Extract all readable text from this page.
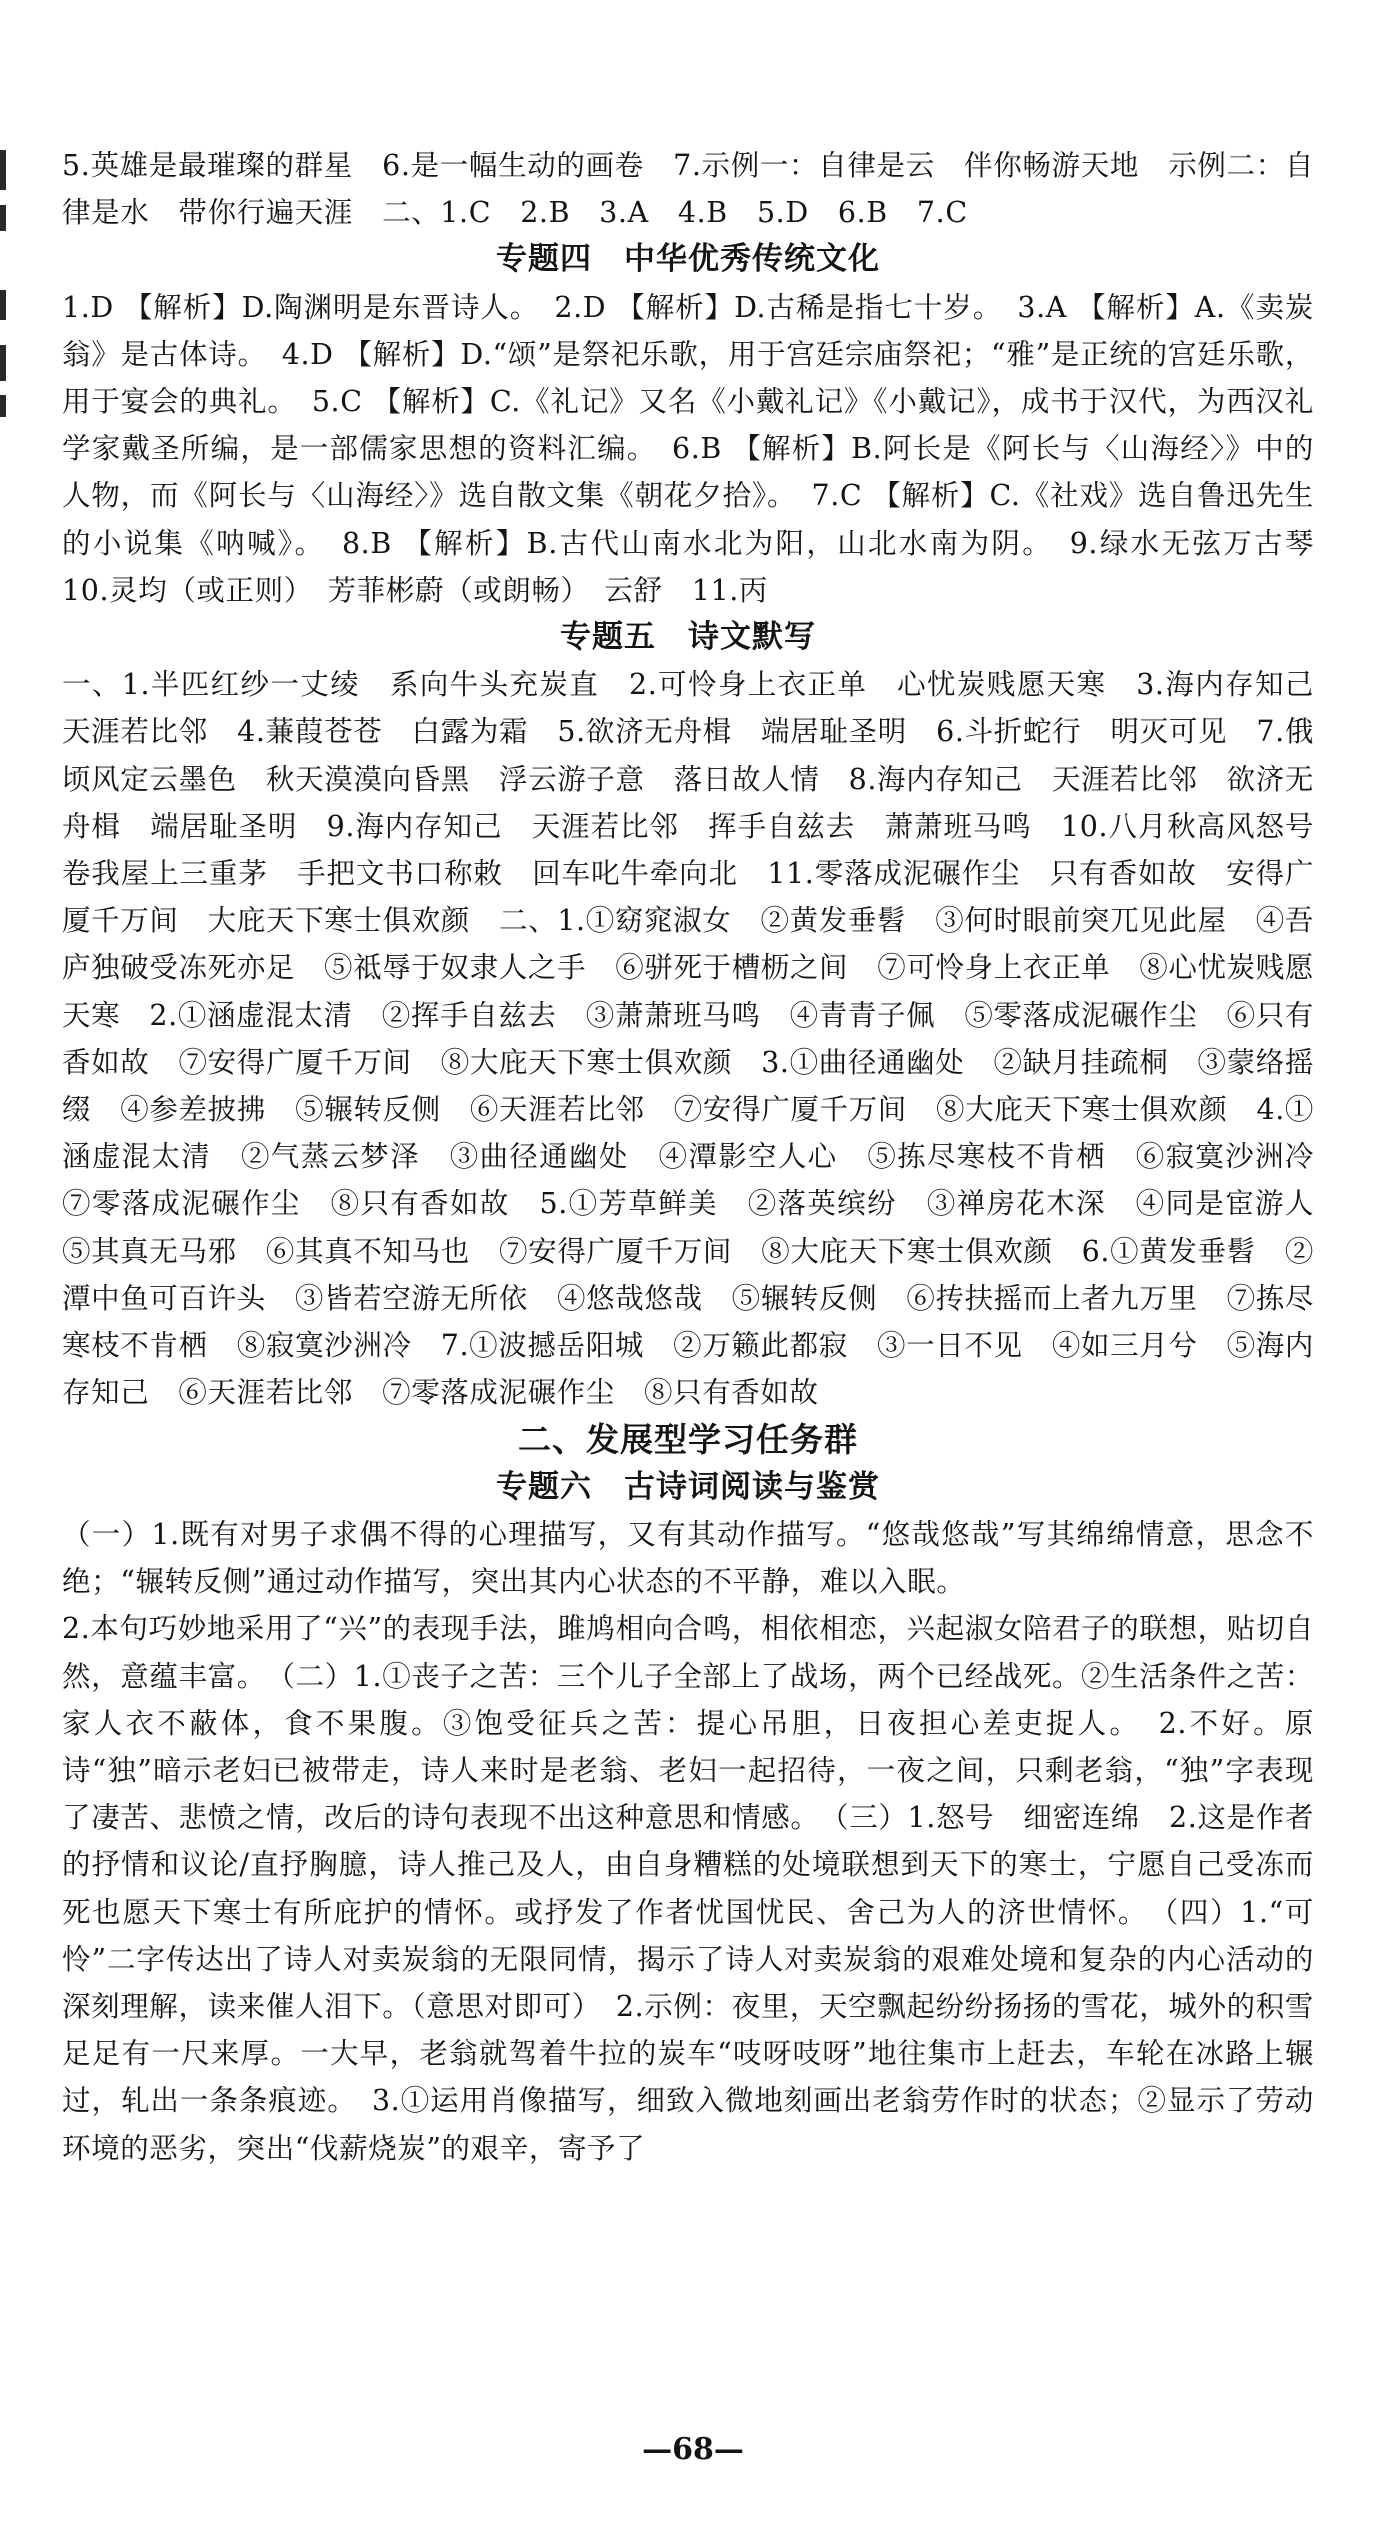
5.英雄是最璀璨的群星　6.是一幅生动的画卷　7.示例一：自律是云　伴你畅游天地　示例二：自律是水　带你行遍天涯　二、1.C　2.B　3.A　4.B　5.D　6.B　7.C

专题四　中华优秀传统文化

1.D 【解析】D.陶渊明是东晋诗人。　2.D 【解析】D.古稀是指七十岁。　3.A 【解析】A.《卖炭翁》是古体诗。　4.D 【解析】D.“颂”是祭祀乐歌，用于宫廷宗庙祭祀；“雅”是正统的宫廷乐歌，用于宴会的典礼。　5.C 【解析】C.《礼记》又名《小戴礼记》《小戴记》，成书于汉代，为西汉礼学家戴圣所编，是一部儒家思想的资料汇编。　6.B 【解析】B.阿长是《阿长与〈山海经〉》中的人物，而《阿长与〈山海经〉》选自散文集《朝花夕拾》。　7.C 【解析】C.《社戏》选自鲁迅先生的小说集《呐喊》。　8.B 【解析】B.古代山南水北为阳，山北水南为阴。　9.绿水无弦万古琴　10.灵均（或正则）　芳菲彬蔚（或朗畅）　云舒　11.丙

专题五　诗文默写

一、1.半匹红纱一丈绫　系向牛头充炭直　2.可怜身上衣正单　心忧炭贱愿天寒　3.海内存知己　天涯若比邻　4.蒹葭苍苍　白露为霜　5.欲济无舟楫　端居耻圣明　6.斗折蛇行　明灭可见　7.俄顷风定云墨色　秋天漠漠向昏黑　浮云游子意　落日故人情　8.海内存知己　天涯若比邻　欲济无舟楫　端居耻圣明　9.海内存知己　天涯若比邻　挥手自兹去　萧萧班马鸣　10.八月秋高风怒号　卷我屋上三重茅　手把文书口称敕　回车叱牛牵向北　11.零落成泥碾作尘　只有香如故　安得广厦千万间　大庇天下寒士俱欢颜　二、1.①窈窕淑女　②黄发垂髫　③何时眼前突兀见此屋　④吾庐独破受冻死亦足　⑤祗辱于奴隶人之手　⑥骈死于槽枥之间　⑦可怜身上衣正单　⑧心忧炭贱愿天寒　2.①涵虚混太清　②挥手自兹去　③萧萧班马鸣　④青青子佩　⑤零落成泥碾作尘　⑥只有香如故　⑦安得广厦千万间　⑧大庇天下寒士俱欢颜　3.①曲径通幽处　②缺月挂疏桐　③蒙络摇缀　④参差披拂　⑤辗转反侧　⑥天涯若比邻　⑦安得广厦千万间　⑧大庇天下寒士俱欢颜　4.①涵虚混太清　②气蒸云梦泽　③曲径通幽处　④潭影空人心　⑤拣尽寒枝不肯栖　⑥寂寞沙洲冷　⑦零落成泥碾作尘　⑧只有香如故　5.①芳草鲜美　②落英缤纷　③禅房花木深　④同是宦游人　⑤其真无马邪　⑥其真不知马也　⑦安得广厦千万间　⑧大庇天下寒士俱欢颜　6.①黄发垂髫　②潭中鱼可百许头　③皆若空游无所依　④悠哉悠哉　⑤辗转反侧　⑥抟扶摇而上者九万里　⑦拣尽寒枝不肯栖　⑧寂寞沙洲冷　7.①波撼岳阳城　②万籁此都寂　③一日不见　④如三月兮　⑤海内存知己　⑥天涯若比邻　⑦零落成泥碾作尘　⑧只有香如故

二、发展型学习任务群
专题六　古诗词阅读与鉴赏

（一）1.既有对男子求偶不得的心理描写，又有其动作描写。“悠哉悠哉”写其绵绵情意，思念不绝；“辗转反侧”通过动作描写，突出其内心状态的不平静，难以入眠。

2.本句巧妙地采用了“兴”的表现手法，雎鸠相向合鸣，相依相恋，兴起淑女陪君子的联想，贴切自然，意蕴丰富。　（二）1.①丧子之苦：三个儿子全部上了战场，两个已经战死。②生活条件之苦：家人衣不蔽体，食不果腹。③饱受征兵之苦：提心吊胆，日夜担心差吏捉人。　2.不好。原诗“独”暗示老妇已被带走，诗人来时是老翁、老妇一起招待，一夜之间，只剩老翁，“独”字表现了凄苦、悲愤之情，改后的诗句表现不出这种意思和情感。　（三）1.怒号　细密连绵　2.这是作者的抒情和议论/直抒胸臆，诗人推己及人，由自身糟糕的处境联想到天下的寒士，宁愿自己受冻而死也愿天下寒士有所庇护的情怀。或抒发了作者忧国忧民、舍己为人的济世情怀。　（四）1.“可怜”二字传达出了诗人对卖炭翁的无限同情，揭示了诗人对卖炭翁的艰难处境和复杂的内心活动的深刻理解，读来催人泪下。（意思对即可）　2.示例：夜里，天空飘起纷纷扬扬的雪花，城外的积雪足足有一尺来厚。一大早，老翁就驾着牛拉的炭车“吱呀吱呀”地往集市上赶去，车轮在冰路上辗过，轧出一条条痕迹。　3.①运用肖像描写，细致入微地刻画出老翁劳作时的状态；②显示了劳动环境的恶劣，突出“伐薪烧炭”的艰辛，寄予了

—68—
